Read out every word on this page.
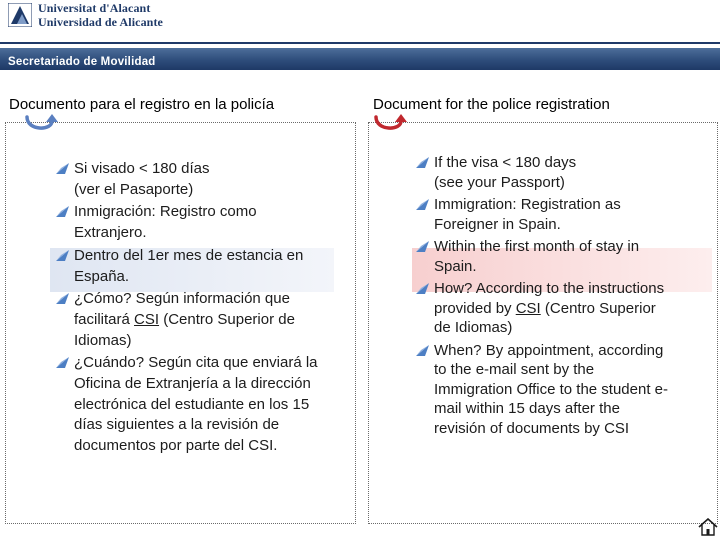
Universitat d'Alacant
Universidad de Alicante
Secretariado de Movilidad
Documento para el registro en la policía	Document for the police registration
Si visado < 180 días
(ver el Pasaporte)
Inmigración: Registro como
Extranjero.
Dentro del 1er mes de estancia en
España.
¿Cómo? Según información que
facilitará CSI (Centro Superior de
Idiomas)
¿Cuándo? Según cita que enviará la
Oficina de Extranjería a la dirección
electrónica del estudiante en los 15
días siguientes a la revisión de
documentos por parte del CSI.
If the visa < 180 days
(see your Passport)
Immigration: Registration as
Foreigner in Spain.
Within the first month of stay in
Spain.
How? According to the instructions
provided by CSI (Centro Superior
de Idiomas)
When? By appointment, according
to the e-mail sent by the
Immigration Office to the student e-
mail within 15 days after the
revisión of documents by CSI
